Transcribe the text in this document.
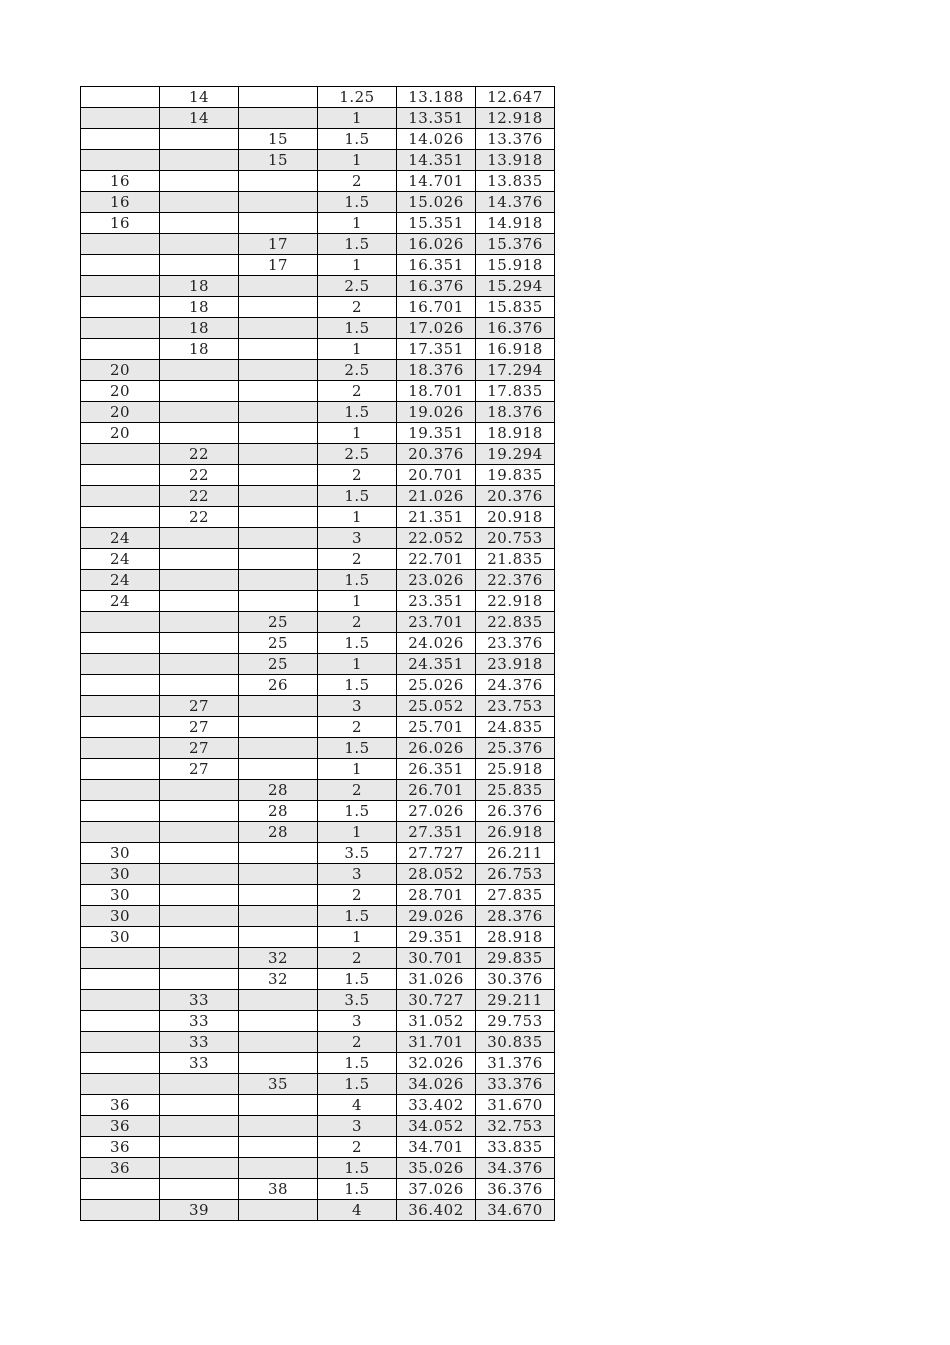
	14		1.25	13.188	12.647
	14		1	13.351	12.918
		15	1.5	14.026	13.376
		15	1	14.351	13.918
16			2	14.701	13.835
16			1.5	15.026	14.376
16			1	15.351	14.918
		17	1.5	16.026	15.376
		17	1	16.351	15.918
	18		2.5	16.376	15.294
	18		2	16.701	15.835
	18		1.5	17.026	16.376
	18		1	17.351	16.918
20			2.5	18.376	17.294
20			2	18.701	17.835
20			1.5	19.026	18.376
20			1	19.351	18.918
	22		2.5	20.376	19.294
	22		2	20.701	19.835
	22		1.5	21.026	20.376
	22		1	21.351	20.918
24			3	22.052	20.753
24			2	22.701	21.835
24			1.5	23.026	22.376
24			1	23.351	22.918
		25	2	23.701	22.835
		25	1.5	24.026	23.376
		25	1	24.351	23.918
		26	1.5	25.026	24.376
	27		3	25.052	23.753
	27		2	25.701	24.835
	27		1.5	26.026	25.376
	27		1	26.351	25.918
		28	2	26.701	25.835
		28	1.5	27.026	26.376
		28	1	27.351	26.918
30			3.5	27.727	26.211
30			3	28.052	26.753
30			2	28.701	27.835
30			1.5	29.026	28.376
30			1	29.351	28.918
		32	2	30.701	29.835
		32	1.5	31.026	30.376
	33		3.5	30.727	29.211
	33		3	31.052	29.753
	33		2	31.701	30.835
	33		1.5	32.026	31.376
		35	1.5	34.026	33.376
36			4	33.402	31.670
36			3	34.052	32.753
36			2	34.701	33.835
36			1.5	35.026	34.376
		38	1.5	37.026	36.376
	39		4	36.402	34.670
